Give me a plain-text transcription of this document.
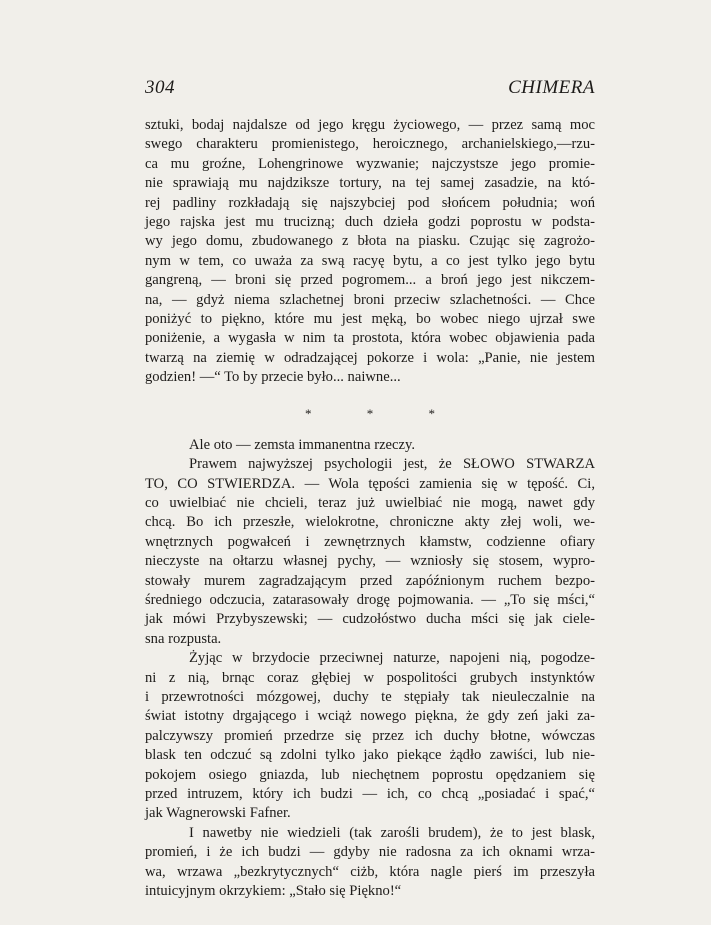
304	CHIMERA
sztuki, bodaj najdalsze od jego kręgu życiowego, — przez samą moc
swego charakteru promienistego, heroicznego, archanielskiego,—rzu-
ca mu groźne, Lohengrinowe wyzwanie; najczystsze jego promie-
nie sprawiają mu najdziksze tortury, na tej samej zasadzie, na któ-
rej padliny rozkładają się najszybciej pod słońcem południa; woń
jego rajska jest mu trucizną; duch dzieła godzi poprostu w podsta-
wy jego domu, zbudowanego z błota na piasku. Czując się zagrożo-
nym w tem, co uważa za swą racyę bytu, a co jest tylko jego bytu
gangreną, — broni się przed pogromem... a broń jego jest nikczem-
na, — gdyż niema szlachetnej broni przeciw szlachetności. — Chce
poniżyć to piękno, które mu jest męką, bo wobec niego ujrzał swe
poniżenie, a wygasła w nim ta prostota, która wobec objawienia pada
twarzą na ziemię w odradzającej pokorze i wola: „Panie, nie jestem
godzien! —“ To by przecie było... naiwne...
*	*	*
Ale oto — zemsta immanentna rzeczy.
Prawem najwyższej psychologii jest, że SŁOWO STWARZA
TO, CO STWIERDZA. — Wola tępości zamienia się w tępość. Ci,
co uwielbiać nie chcieli, teraz już uwielbiać nie mogą, nawet gdy
chcą. Bo ich przeszłe, wielokrotne, chroniczne akty złej woli, we-
wnętrznych pogwałceń i zewnętrznych kłamstw, codzienne ofiary
nieczyste na ołtarzu własnej pychy, — wzniosły się stosem, wypro-
stowały murem zagradzającym przed zapóźnionym ruchem bezpo-
średniego odczucia, zatarasowały drogę pojmowania. — „To się mści,“
jak mówi Przybyszewski; — cudzołóstwo ducha mści się jak ciele-
sna rozpusta.
Żyjąc w brzydocie przeciwnej naturze, napojeni nią, pogodze-
ni z nią, brnąc coraz głębiej w pospolitości grubych instynktów
i przewrotności mózgowej, duchy te stępiały tak nieuleczalnie na
świat istotny drgającego i wciąż nowego piękna, że gdy zeń jaki za-
palczywszy promień przedrze się przez ich duchy błotne, wówczas
blask ten odczuć są zdolni tylko jako piekące żądło zawiści, lub nie-
pokojem osiego gniazda, lub niechętnem poprostu opędzaniem się
przed intruzem, który ich budzi — ich, co chcą „posiadać i spać,“
jak Wagnerowski Fafner.
I nawetby nie wiedzieli (tak zarośli brudem), że to jest blask,
promień, i że ich budzi — gdyby nie radosna za ich oknami wrza-
wa, wrzawa „bezkrytycznych“ ciżb, która nagle pierś im przeszyła
intuicyjnym okrzykiem: „Stało się Piękno!“
